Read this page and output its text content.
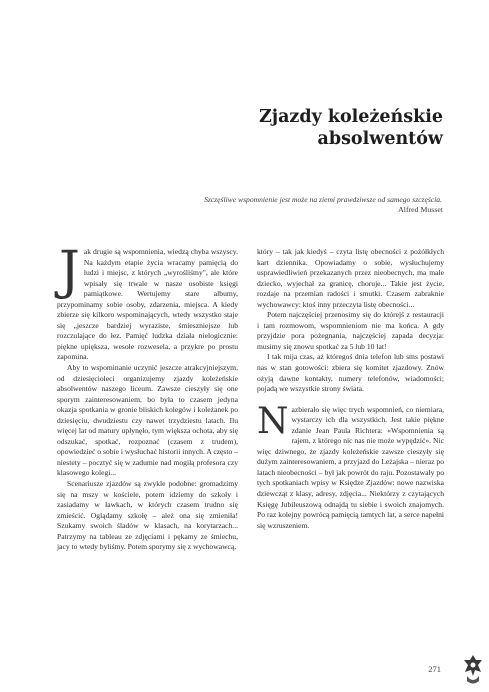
Zjazdy koleżeńskie
absolwentów
Szczęśliwe wspomnienie jest może na ziemi prawdziwsze od samego szczęścia.
Alfred Musset

Jak drugie są wspomnienia, wiedzą chyba wszyscy. Na każdym etapie życia wracamy pamięcią do ludzi i miejsc, z których „wyrośliśmy", ale które wpisały się trwale w nasze osobiste księgi pamiątkowe. Wertujemy stare albumy, przypominamy sobie osoby, zdarzenia, miejsca. A kiedy zbierze się kilkoro wspominających, wtedy wszystko staje się „jeszcze bardziej wyraziste, śmieszniejsze lub rozczulające do łez. Pamięć ludzka działa nielogicznie: piękne upiększa, wesołe rozwesela, a przykre po prostu zapomina.

Aby to wspominanie uczynić jeszcze atrakcyjniejszym, od dziesięcioleci organizujemy zjazdy koleżeńskie absolwentów naszego liceum. Zawsze cieszyły się one sporym zainteresowaniem, bo była to czasem jedyna okazja spotkania w gronie bliskich kolegów i koleżanek po dziesięciu, dwudziestu czy nawet trzydziestu latach. Ilu więcej lat od matury upłynęło, tym większa ochota, aby się odszukać, spotkać, rozpoznać (czasem z trudem), opowiedzieć o sobie i wysłuchać historii innych. A często – niestety – pocztyć się w zadumie nad mogiłą profesora czy klasowego kolegi...

Scenariusze zjazdów są zwykle podobne: gromadzimy się na mszy w kościele, potem idziemy do szkoły i zasiadamy w ławkach, w których czasem trudno się zmieścić. Oglądamy szkołę – ależ ona się zmieniła! Szukamy swoich śladów w klasach, na korytarzach... Patrzymy na tableau ze zdjęciami i pękamy ze śmiechu, jacy to wtedy byliśmy. Potem sporymy się z wychowawcą,

który – tak jak kiedyś – czyta listę obecności z pożółkłych kart dziennika. Opowiadamy o sobie, wysłuchujemy usprawiedliwień przekazanych przez nieobecnych, ma małe dziecko, wyjechał za granicę, choruje... Takie jest życie, rozdaje na przemian radości i smutki. Czasem zabraknie wychowawcy: ktoś inny przeczyta listę obecności...

Potem najczęściej przenosimy się do którejś z restauracji i tam rozmowom, wspomnieniom nie ma końca. A gdy przyjdzie pora pożegnania, najczęściej zapada decyzja: musimy się znowu spotkać za 5 lub 10 lat!

I tak mija czas, aż któregoś dnia telefon lub sms postawi nas w stan gotowości: zbiera się komitet zjazdowy. Znów ożyją dawne kontakty, numery telefonów, wiadomości; pojadą we wszystkie strony świata.

Nazbierało się więc trych wspomnień, co niemiara, wystarczy ich dla wszystkich. Jest takie piękne zdanie Jean Paula Richtera: «Wspomnienia są rajem, z którego nic nas nie może wypędzić». Nic więc dziwnego, że zjazdy koleżeńskie zawsze cieszyły się dużym zainteresowaniem, a przyjazd do Leżajska – nieraz po latach nieobecności – był jak powrót do raju. Pozostawały po tych spotkaniach wpisy w Księdze Zjazdów: nowe nazwiska dziewcząt z klasy, adresy, zdjęcia... Niektórzy z czytających Księgę Jubileuszową odnajdą tu siebie i swoich znajomych. Po raz kolejny powrócą pamięcią tamtych lat, a serce napełni się wzruszeniem.

271
